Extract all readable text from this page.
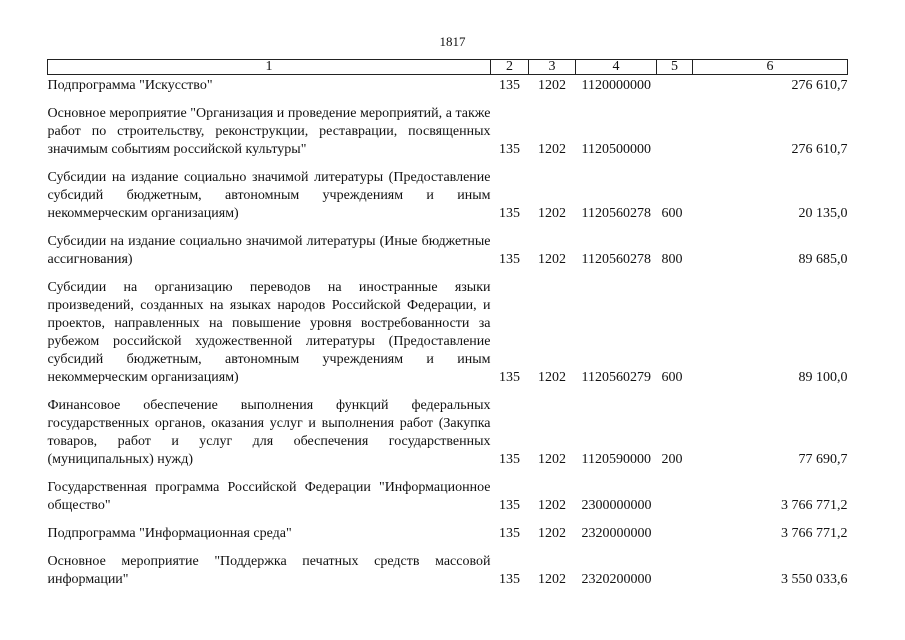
1817
1	2	3	4	5	6
Подпрограмма "Искусство"	135	1202	1120000000		276 610,7
Основное мероприятие "Организация и проведение мероприятий, а также работ по строительству, реконструкции, реставрации, посвященных значимым событиям российской культуры"	135	1202	1120500000		276 610,7
Субсидии на издание социально значимой литературы (Предоставление субсидий бюджетным, автономным учреждениям и иным некоммерческим организациям)	135	1202	1120560278	600	20 135,0
Субсидии на издание социально значимой литературы (Иные бюджетные ассигнования)	135	1202	1120560278	800	89 685,0
Субсидии на организацию переводов на иностранные языки произведений, созданных на языках народов Российской Федерации, и проектов, направленных на повышение уровня востребованности за рубежом российской художественной литературы (Предоставление субсидий бюджетным, автономным учреждениям и иным некоммерческим организациям)	135	1202	1120560279	600	89 100,0
Финансовое обеспечение выполнения функций федеральных государственных органов, оказания услуг и выполнения работ (Закупка товаров, работ и услуг для обеспечения государственных (муниципальных) нужд)	135	1202	1120590000	200	77 690,7
Государственная программа Российской Федерации "Информационное общество"	135	1202	2300000000		3 766 771,2
Подпрограмма "Информационная среда"	135	1202	2320000000		3 766 771,2
Основное мероприятие "Поддержка печатных средств массовой информации"	135	1202	2320200000		3 550 033,6
